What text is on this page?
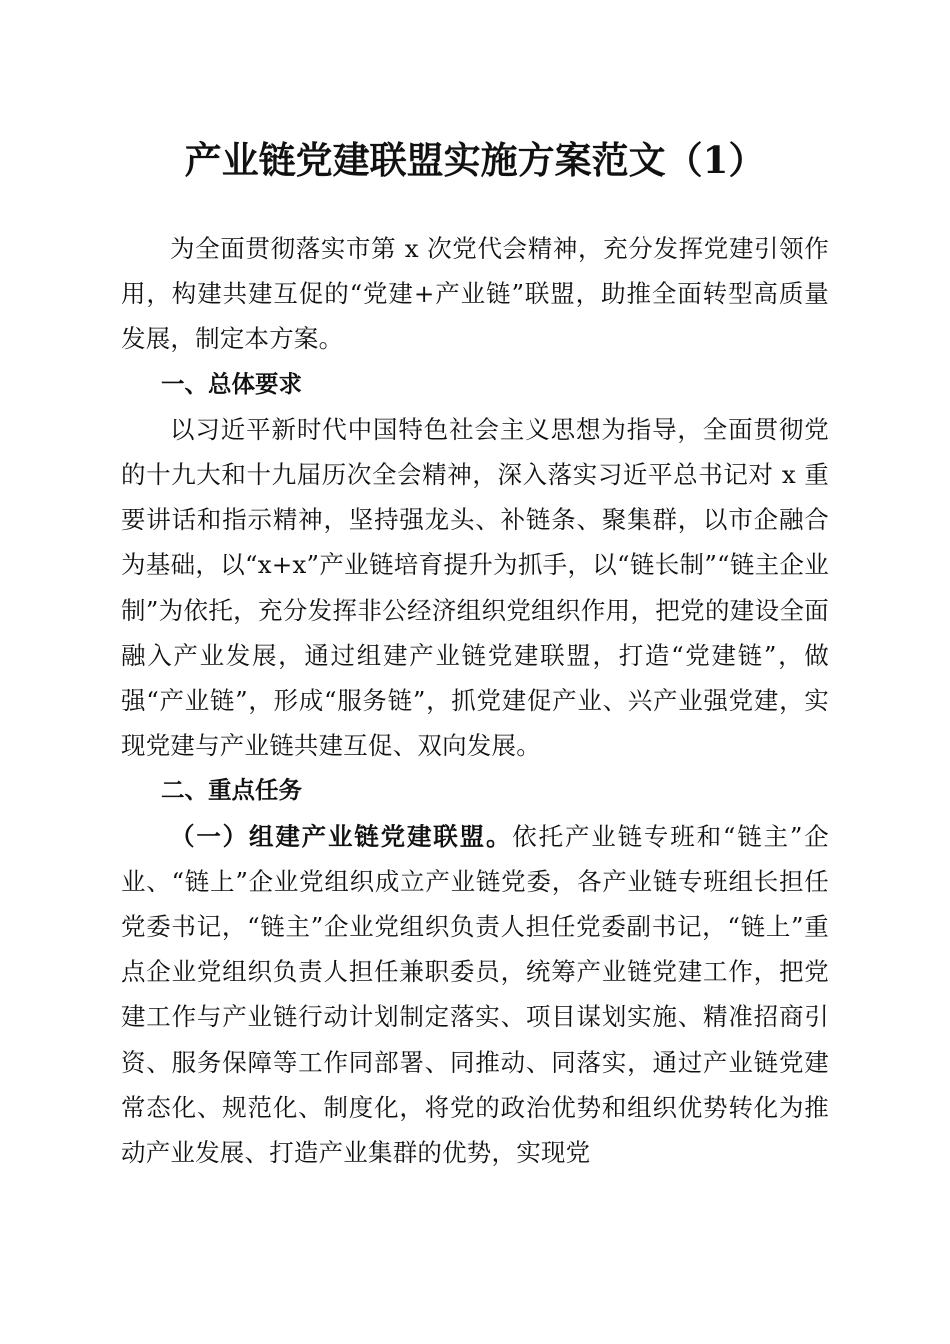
产业链党建联盟实施方案范文（1）

为全面贯彻落实市第 x 次党代会精神，充分发挥党建引领作用，构建共建互促的“党建+产业链”联盟，助推全面转型高质量发展，制定本方案。

一、总体要求

以习近平新时代中国特色社会主义思想为指导，全面贯彻党的十九大和十九届历次全会精神，深入落实习近平总书记对 x 重要讲话和指示精神，坚持强龙头、补链条、聚集群，以市企融合为基础，以“x+x”产业链培育提升为抓手，以“链长制”“链主企业制”为依托，充分发挥非公经济组织党组织作用，把党的建设全面融入产业发展，通过组建产业链党建联盟，打造“党建链”，做强“产业链”，形成“服务链”，抓党建促产业、兴产业强党建，实现党建与产业链共建互促、双向发展。

二、重点任务

（一）组建产业链党建联盟。依托产业链专班和“链主”企业、“链上”企业党组织成立产业链党委，各产业链专班组长担任党委书记，“链主”企业党组织负责人担任党委副书记，“链上”重点企业党组织负责人担任兼职委员，统筹产业链党建工作，把党建工作与产业链行动计划制定落实、项目谋划实施、精准招商引资、服务保障等工作同部署、同推动、同落实，通过产业链党建常态化、规范化、制度化，将党的政治优势和组织优势转化为推动产业发展、打造产业集群的优势，实现党
